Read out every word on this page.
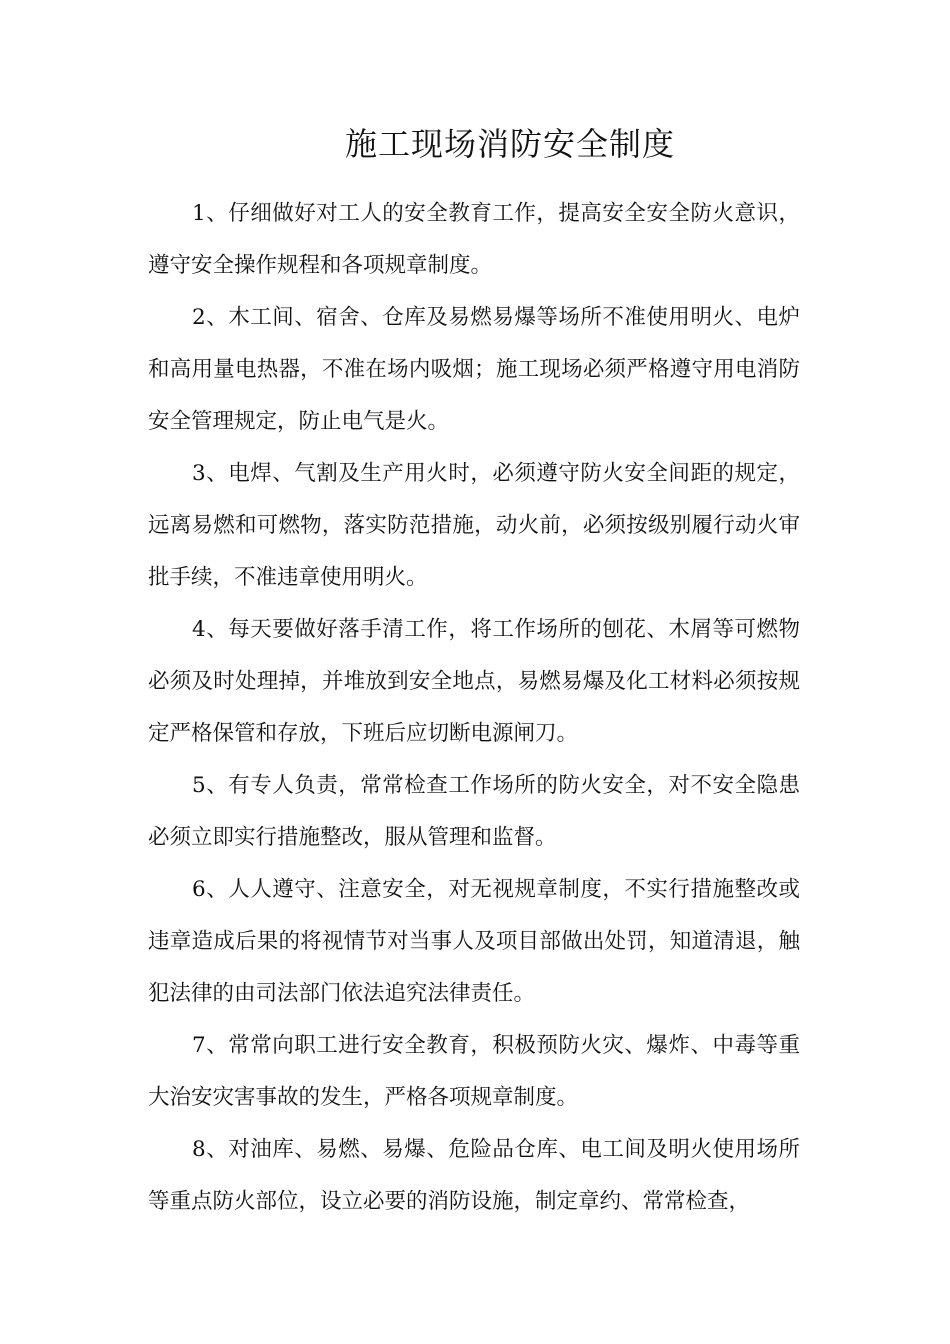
施工现场消防安全制度

1、仔细做好对工人的安全教育工作，提高安全安全防火意识，遵守安全操作规程和各项规章制度。

2、木工间、宿舍、仓库及易燃易爆等场所不准使用明火、电炉和高用量电热器，不准在场内吸烟；施工现场必须严格遵守用电消防安全管理规定，防止电气是火。

3、电焊、气割及生产用火时，必须遵守防火安全间距的规定，远离易燃和可燃物，落实防范措施，动火前，必须按级别履行动火审批手续，不准违章使用明火。

4、每天要做好落手清工作，将工作场所的刨花、木屑等可燃物必须及时处理掉，并堆放到安全地点，易燃易爆及化工材料必须按规定严格保管和存放，下班后应切断电源闸刀。

5、有专人负责，常常检查工作场所的防火安全，对不安全隐患必须立即实行措施整改，服从管理和监督。

6、人人遵守、注意安全，对无视规章制度，不实行措施整改或违章造成后果的将视情节对当事人及项目部做出处罚，知道清退，触犯法律的由司法部门依法追究法律责任。

7、常常向职工进行安全教育，积极预防火灾、爆炸、中毒等重大治安灾害事故的发生，严格各项规章制度。

8、对油库、易燃、易爆、危险品仓库、电工间及明火使用场所等重点防火部位，设立必要的消防设施，制定章约、常常检查，
